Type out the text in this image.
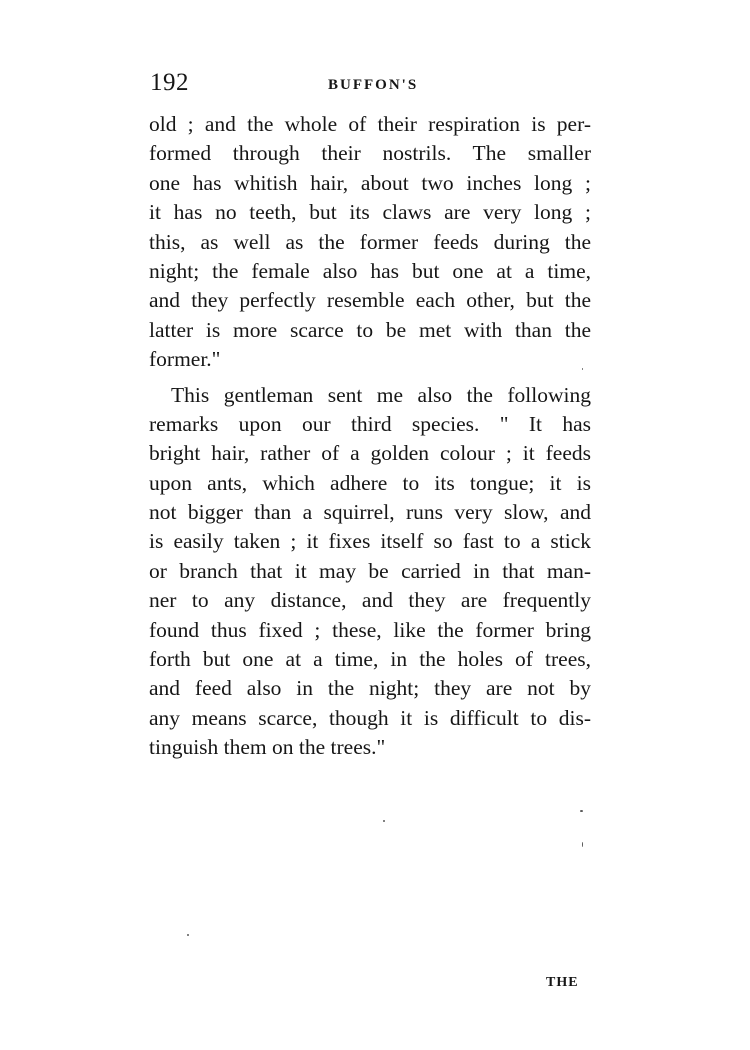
192	BUFFON'S
old ; and the whole of their respiration is per-
formed through their nostrils. The smaller
one has whitish hair, about two inches long ;
it has no teeth, but its claws are very long ;
this, as well as the former feeds during the
night; the female also has but one at a time,
and they perfectly resemble each other, but the
latter is more scarce to be met with than the
former."
This gentleman sent me also the following
remarks upon our third species. " It has
bright hair, rather of a golden colour ; it feeds
upon ants, which adhere to its tongue; it is
not bigger than a squirrel, runs very slow, and
is easily taken ; it fixes itself so fast to a stick
or branch that it may be carried in that man-
ner to any distance, and they are frequently
found thus fixed ; these, like the former bring
forth but one at a time, in the holes of trees,
and feed also in the night; they are not by
any means scarce, though it is difficult to dis-
tinguish them on the trees."
THE
